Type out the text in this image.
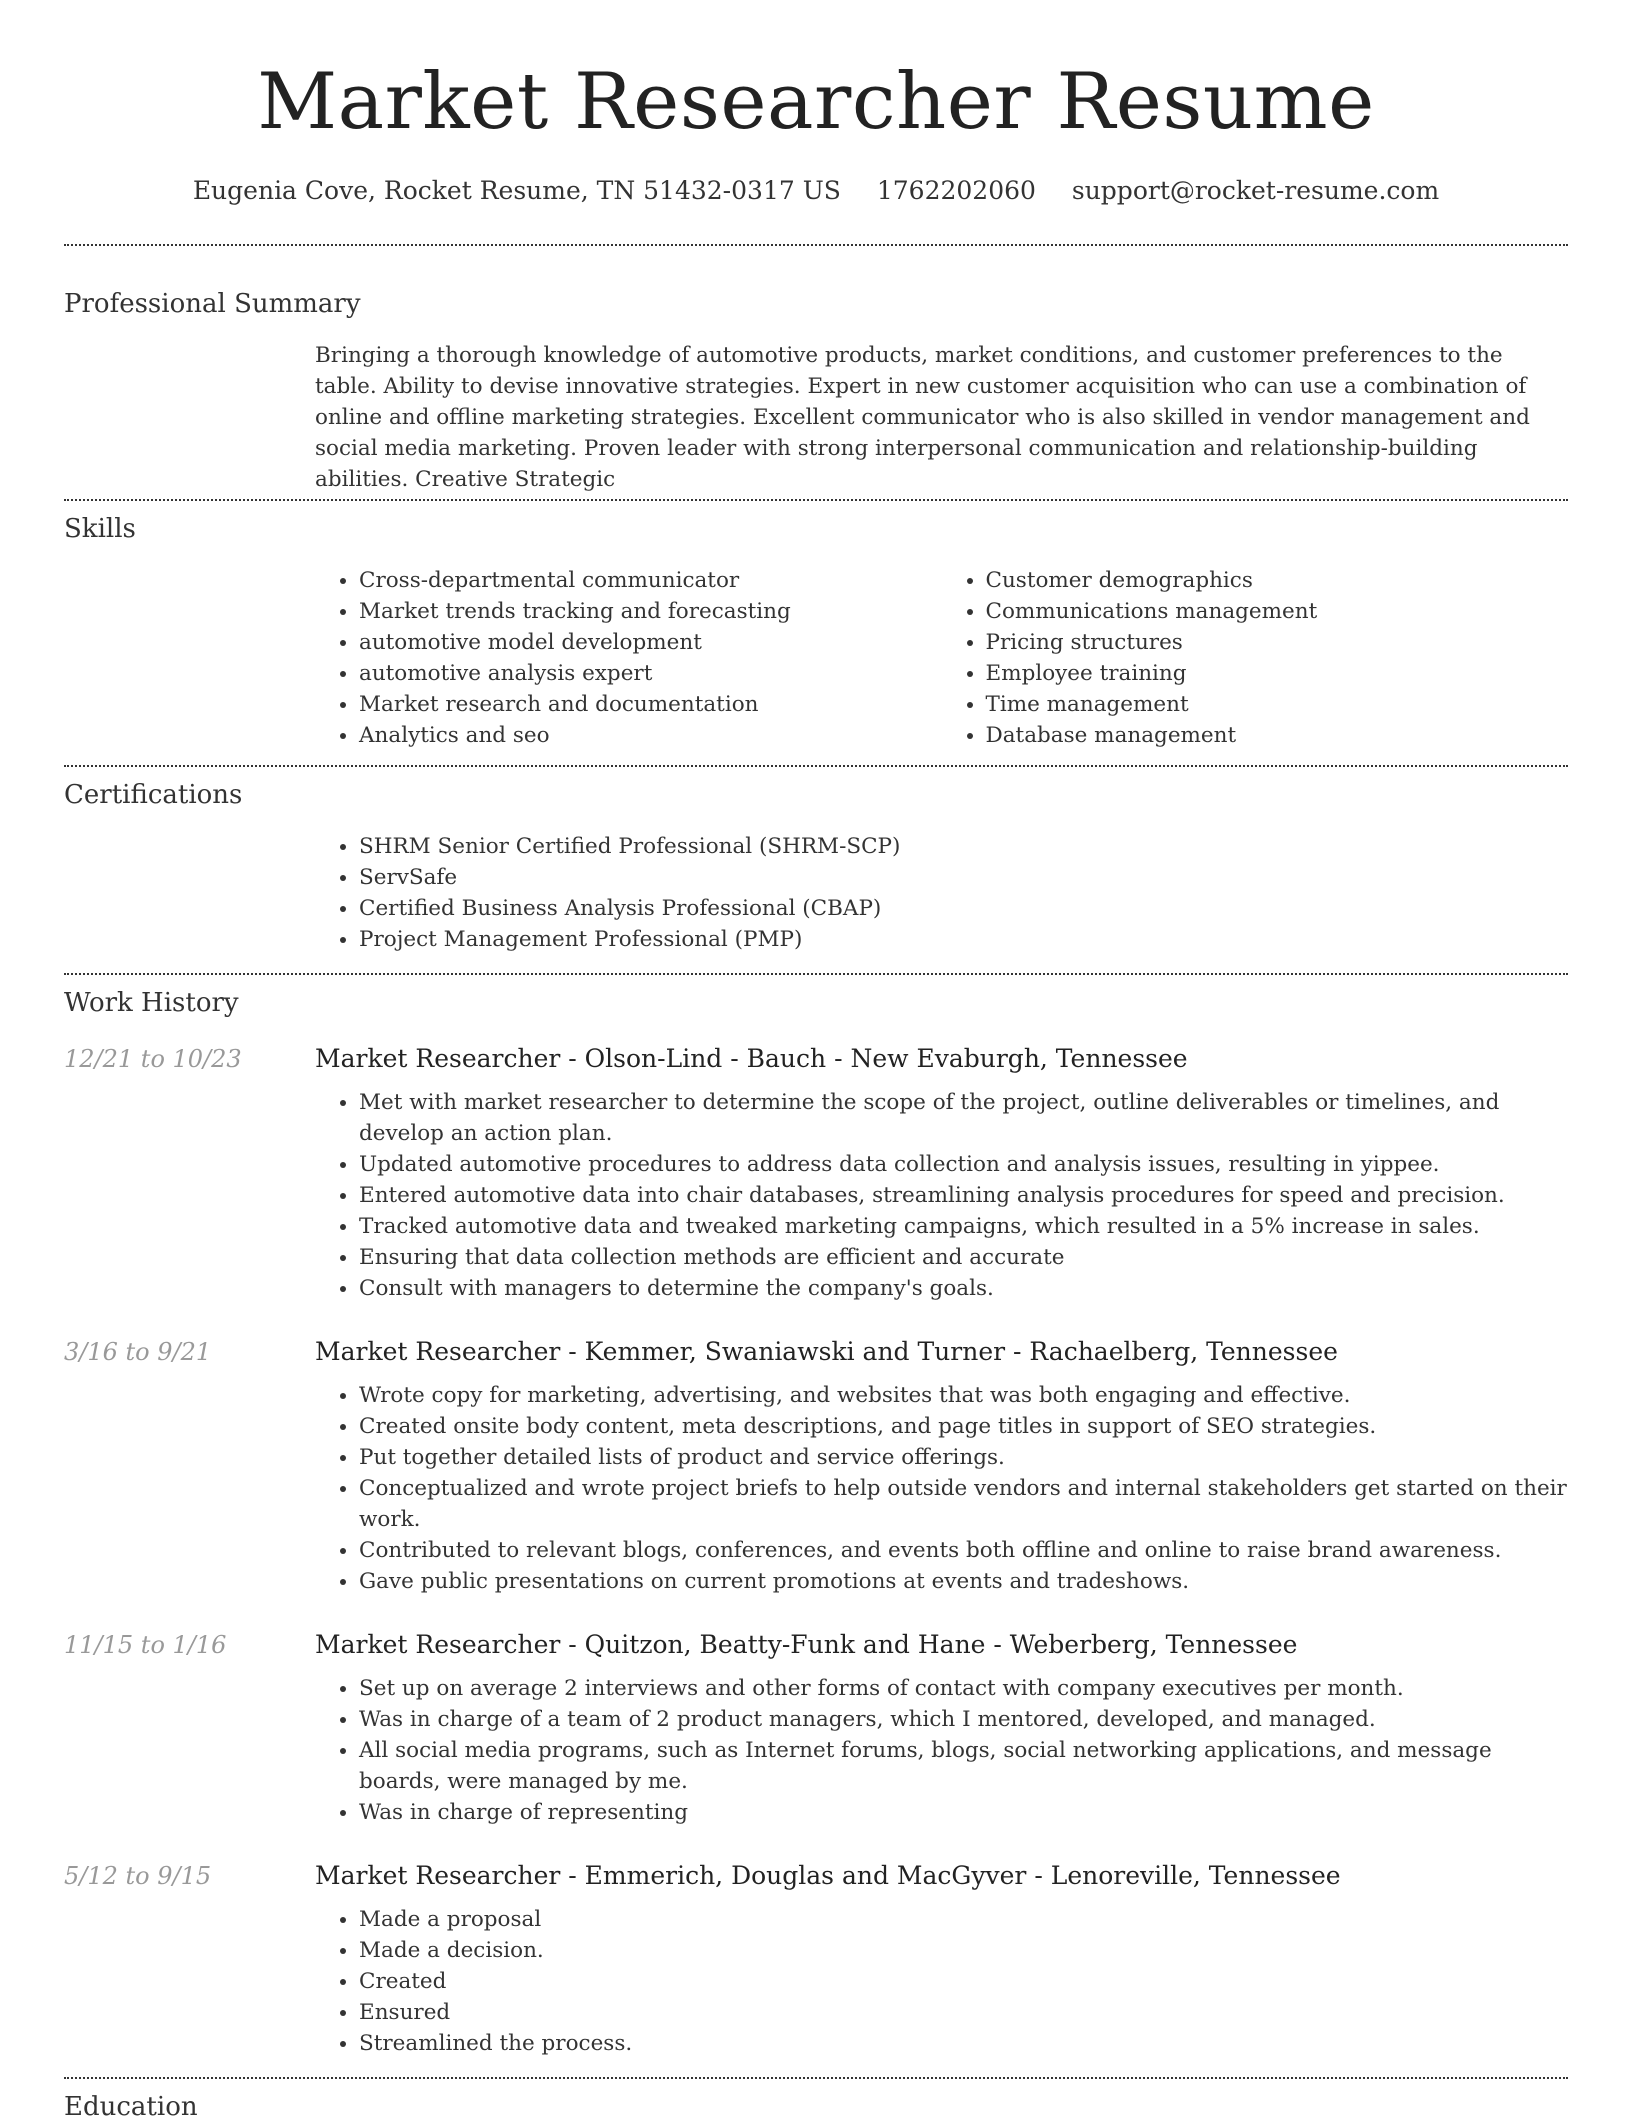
Market Researcher Resume
Eugenia Cove, Rocket Resume, TN 51432-0317 US 1762202060 support@rocket-resume.com
Professional Summary
Bringing a thorough knowledge of automotive products, market conditions, and customer preferences to the table. Ability to devise innovative strategies. Expert in new customer acquisition who can use a combination of online and offline marketing strategies. Excellent communicator who is also skilled in vendor management and social media marketing. Proven leader with strong interpersonal communication and relationship-building abilities. Creative Strategic
Skills
• Cross-departmental communicator
• Market trends tracking and forecasting
• automotive model development
• automotive analysis expert
• Market research and documentation
• Analytics and seo
• Customer demographics
• Communications management
• Pricing structures
• Employee training
• Time management
• Database management
Certifications
• SHRM Senior Certified Professional (SHRM-SCP)
• ServSafe
• Certified Business Analysis Professional (CBAP)
• Project Management Professional (PMP)
Work History
12/21 to 10/23	Market Researcher - Olson-Lind - Bauch - New Evaburgh, Tennessee
• Met with market researcher to determine the scope of the project, outline deliverables or timelines, and develop an action plan.
• Updated automotive procedures to address data collection and analysis issues, resulting in yippee.
• Entered automotive data into chair databases, streamlining analysis procedures for speed and precision.
• Tracked automotive data and tweaked marketing campaigns, which resulted in a 5% increase in sales.
• Ensuring that data collection methods are efficient and accurate
• Consult with managers to determine the company's goals.
3/16 to 9/21	Market Researcher - Kemmer, Swaniawski and Turner - Rachaelberg, Tennessee
• Wrote copy for marketing, advertising, and websites that was both engaging and effective.
• Created onsite body content, meta descriptions, and page titles in support of SEO strategies.
• Put together detailed lists of product and service offerings.
• Conceptualized and wrote project briefs to help outside vendors and internal stakeholders get started on their work.
• Contributed to relevant blogs, conferences, and events both offline and online to raise brand awareness.
• Gave public presentations on current promotions at events and tradeshows.
11/15 to 1/16	Market Researcher - Quitzon, Beatty-Funk and Hane - Weberberg, Tennessee
• Set up on average 2 interviews and other forms of contact with company executives per month.
• Was in charge of a team of 2 product managers, which I mentored, developed, and managed.
• All social media programs, such as Internet forums, blogs, social networking applications, and message boards, were managed by me.
• Was in charge of representing
5/12 to 9/15	Market Researcher - Emmerich, Douglas and MacGyver - Lenoreville, Tennessee
• Made a proposal
• Made a decision.
• Created
• Ensured
• Streamlined the process.
Education
